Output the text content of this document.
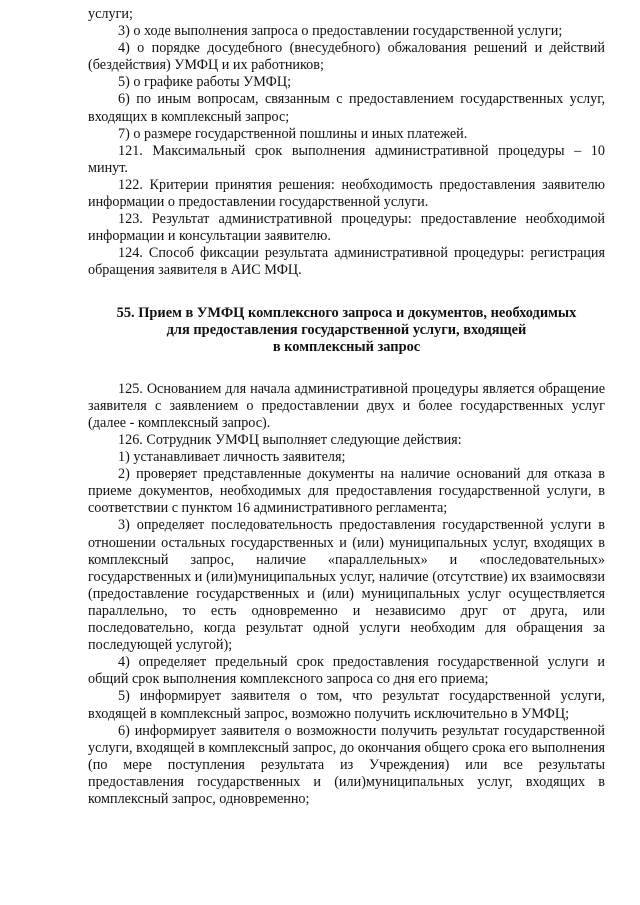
услуги;

3) о ходе выполнения запроса о предоставлении государственной услуги;

4) о порядке досудебного (внесудебного) обжалования решений и действий (бездействия) УМФЦ и их работников;

5) о графике работы УМФЦ;

6) по иным вопросам, связанным с предоставлением государственных услуг, входящих в комплексный запрос;

7) о размере государственной пошлины и иных платежей.

121. Максимальный срок выполнения административной процедуры – 10 минут.

122. Критерии принятия решения: необходимость предоставления заявителю информации о предоставлении государственной услуги.

123. Результат административной процедуры: предоставление необходимой информации и консультации заявителю.

124. Способ фиксации результата административной процедуры: регистрация обращения заявителя в АИС МФЦ.

55. Прием в УМФЦ комплексного запроса и документов, необходимых
для предоставления государственной услуги, входящей
в комплексный запрос

125. Основанием для начала административной процедуры является обращение заявителя с заявлением о предоставлении двух и более государственных услуг (далее - комплексный запрос).

126. Сотрудник УМФЦ выполняет следующие действия:

1) устанавливает личность заявителя;

2) проверяет представленные документы на наличие оснований для отказа в приеме документов, необходимых для предоставления государственной услуги, в соответствии с пунктом 16 административного регламента;

3) определяет последовательность предоставления государственной услуги в отношении остальных государственных и (или) муниципальных услуг, входящих в комплексный запрос, наличие «параллельных» и «последовательных» государственных и (или)муниципальных услуг, наличие (отсутствие) их взаимосвязи (предоставление государственных и (или) муниципальных услуг осуществляется параллельно, то есть одновременно и независимо друг от друга, или последовательно, когда результат одной услуги необходим для обращения за последующей услугой);

4) определяет предельный срок предоставления государственной услуги и общий срок выполнения комплексного запроса со дня его приема;

5) информирует заявителя о том, что результат государственной услуги, входящей в комплексный запрос, возможно получить исключительно в УМФЦ;

6) информирует заявителя о возможности получить результат государственной услуги, входящей в комплексный запрос, до окончания общего срока его выполнения (по мере поступления результата из Учреждения) или все результаты предоставления государственных и (или)муниципальных услуг, входящих в комплексный запрос, одновременно;
